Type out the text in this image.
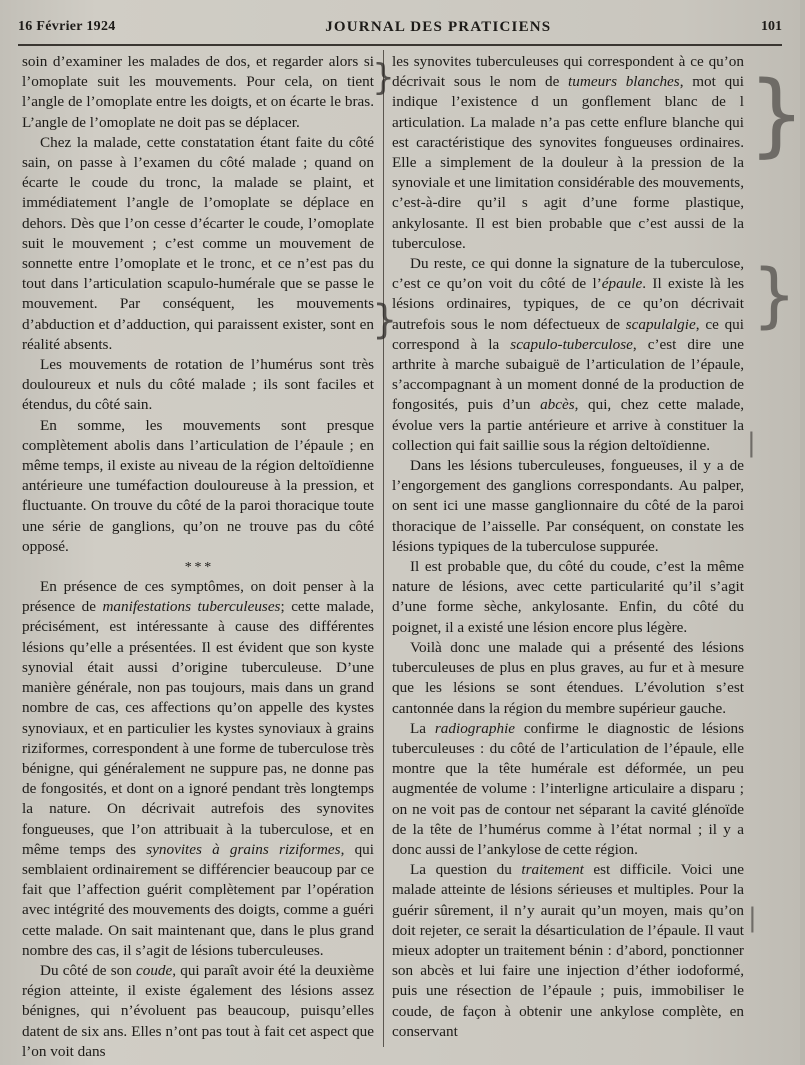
16 Février 1924	JOURNAL DES PRATICIENS	101

soin d’examiner les malades de dos, et regarder alors si l’omoplate suit les mouvements. Pour cela, on tient l’angle de l’omoplate entre les doigts, et on écarte le bras. L’angle de l’omoplate ne doit pas se déplacer.

Chez la malade, cette constatation étant faite du côté sain, on passe à l’examen du côté malade ; quand on écarte le coude du tronc, la malade se plaint, et immédiatement l’angle de l’omoplate se déplace en dehors. Dès que l’on cesse d’écarter le coude, l’omoplate suit le mouvement ; c’est comme un mouvement de sonnette entre l’omoplate et le tronc, et ce n’est pas du tout dans l’articulation scapulo-humérale que se passe le mouvement. Par conséquent, les mouvements d’abduction et d’adduction, qui paraissent exister, sont en réalité absents.

Les mouvements de rotation de l’humérus sont très douloureux et nuls du côté malade ; ils sont faciles et étendus, du côté sain.

En somme, les mouvements sont presque complètement abolis dans l’articulation de l’épaule ; en même temps, il existe au niveau de la région deltoïdienne antérieure une tuméfaction douloureuse à la pression, et fluctuante. On trouve du côté de la paroi thoracique toute une série de ganglions, qu’on ne trouve pas du côté opposé.

* * *

En présence de ces symptômes, on doit penser à la présence de manifestations tuberculeuses; cette malade, précisément, est intéressante à cause des différentes lésions qu’elle a présentées. Il est évident que son kyste synovial était aussi d’origine tuberculeuse. D’une manière générale, non pas toujours, mais dans un grand nombre de cas, ces affections qu’on appelle des kystes synoviaux, et en particulier les kystes synoviaux à grains riziformes, correspondent à une forme de tuberculose très bénigne, qui généralement ne suppure pas, ne donne pas de fongosités, et dont on a ignoré pendant très longtemps la nature. On décrivait autrefois des synovites fongueuses, que l’on attribuait à la tuberculose, et en même temps des synovites à grains riziformes, qui semblaient ordinairement se différencier beaucoup par ce fait que l’affection guérit complètement par l’opération avec intégrité des mouvements des doigts, comme a guéri cette malade. On sait maintenant que, dans le plus grand nombre des cas, il s’agit de lésions tuberculeuses.

Du côté de son coude, qui paraît avoir été la deuxième région atteinte, il existe également des lésions assez bénignes, qui n’évoluent pas beaucoup, puisqu’elles datent de six ans. Elles n’ont pas tout à fait cet aspect que l’on voit dans

les synovites tuberculeuses qui correspondent à ce qu’on décrivait sous le nom de tumeurs blanches, mot qui indique l’existence d un gonflement blanc de l articulation. La malade n’a pas cette enflure blanche qui est caractéristique des synovites fongueuses ordinaires. Elle a simplement de la douleur à la pression de la synoviale et une limitation considérable des mouvements, c’est-à-dire qu’il s agit d’une forme plastique, ankylosante. Il est bien probable que c’est aussi de la tuberculose.

Du reste, ce qui donne la signature de la tuberculose, c’est ce qu’on voit du côté de l’épaule. Il existe là les lésions ordinaires, typiques, de ce qu’on décrivait autrefois sous le nom défectueux de scapulalgie, ce qui correspond à la scapulo-tuberculose, c’est dire une arthrite à marche subaiguë de l’articulation de l’épaule, s’accompagnant à un moment donné de la production de fongosités, puis d’un abcès, qui, chez cette malade, évolue vers la partie antérieure et arrive à constituer la collection qui fait saillie sous la région deltoïdienne.

Dans les lésions tuberculeuses, fongueuses, il y a de l’engorgement des ganglions correspondants. Au palper, on sent ici une masse ganglionnaire du côté de la paroi thoracique de l’aisselle. Par conséquent, on constate les lésions typiques de la tuberculose suppurée.

Il est probable que, du côté du coude, c’est la même nature de lésions, avec cette particularité qu’il s’agit d’une forme sèche, ankylosante. Enfin, du côté du poignet, il a existé une lésion encore plus légère.

Voilà donc une malade qui a présenté des lésions tuberculeuses de plus en plus graves, au fur et à mesure que les lésions se sont étendues. L’évolution s’est cantonnée dans la région du membre supérieur gauche.

La radiographie confirme le diagnostic de lésions tuberculeuses : du côté de l’articulation de l’épaule, elle montre que la tête humérale est déformée, un peu augmentée de volume : l’interligne articulaire a disparu ; on ne voit pas de contour net séparant la cavité glénoïde de la tête de l’humérus comme à l’état normal ; il y a donc aussi de l’ankylose de cette région.

La question du traitement est difficile. Voici une malade atteinte de lésions sérieuses et multiples. Pour la guérir sûrement, il n’y aurait qu’un moyen, mais qu’on doit rejeter, ce serait la désarticulation de l’épaule. Il vaut mieux adopter un traitement bénin : d’abord, ponctionner son abcès et lui faire une injection d’éther iodoformé, puis une résection de l’épaule ; puis, immobiliser le coude, de façon à obtenir une ankylose complète, en conservant

}
}
}
}
|
|
